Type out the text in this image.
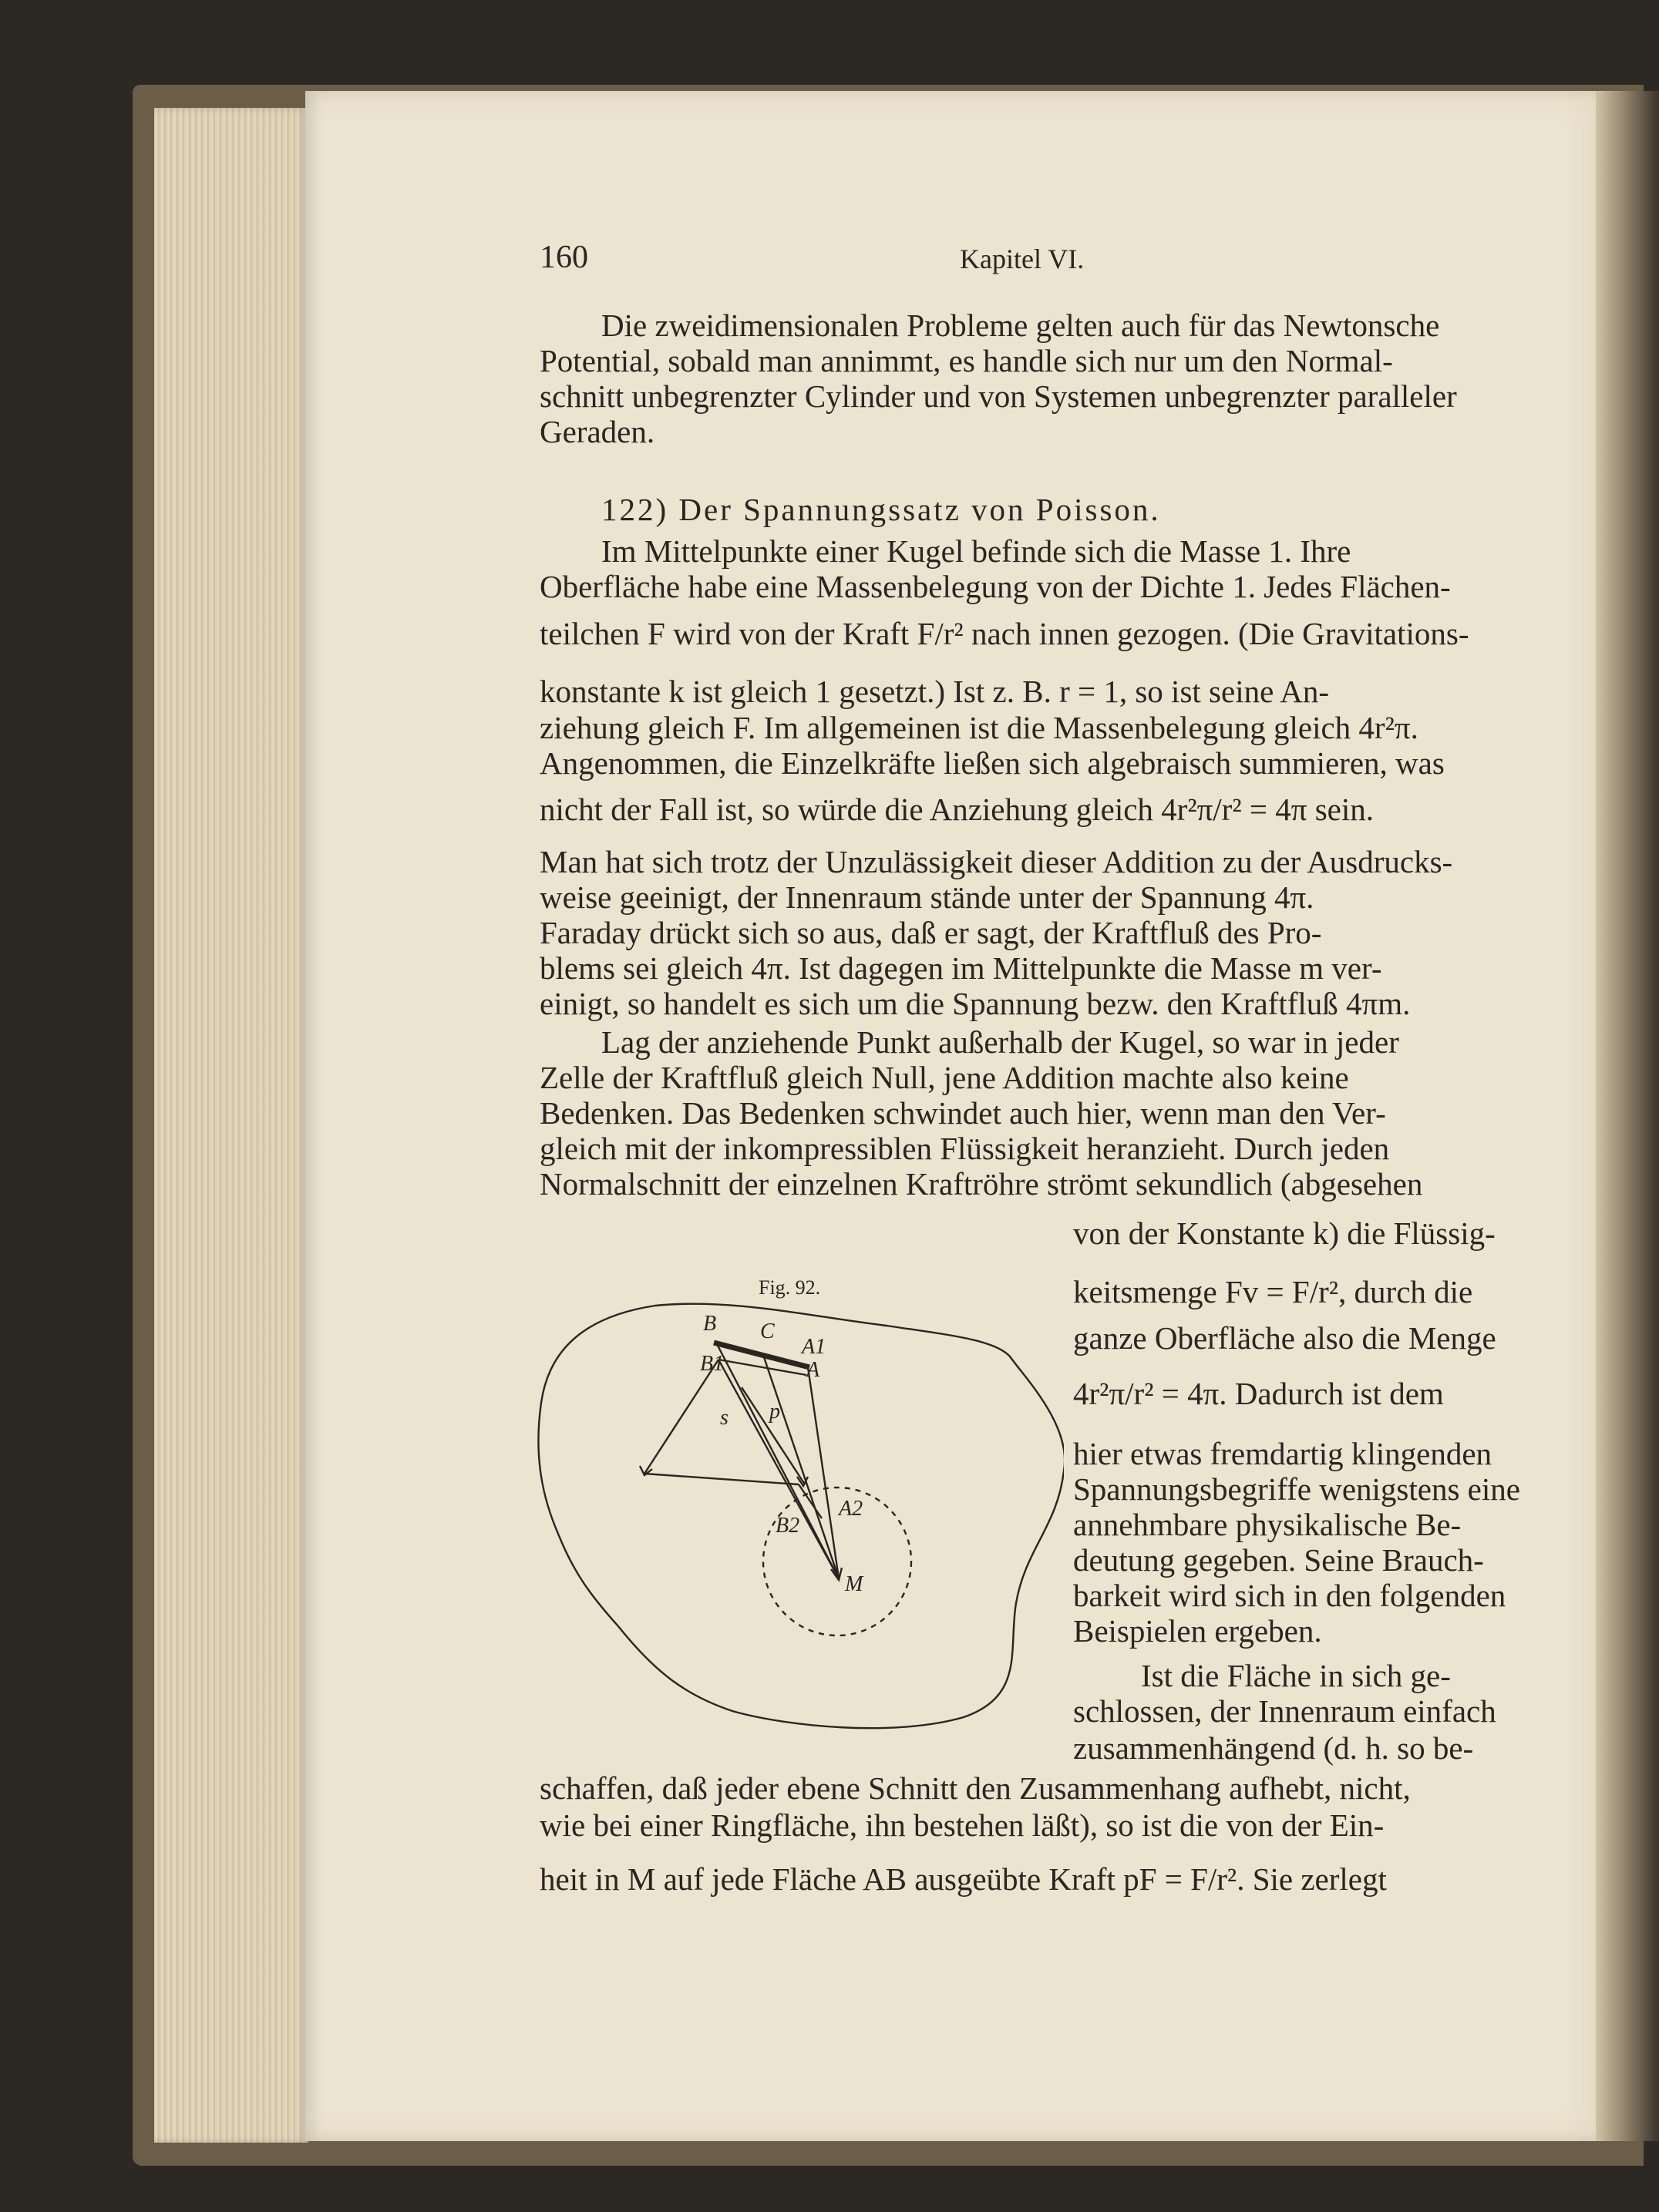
160	Kapitel VI.
Die zweidimensionalen Probleme gelten auch für das Newtonsche
Potential, sobald man annimmt, es handle sich nur um den Normal-
schnitt unbegrenzter Cylinder und von Systemen unbegrenzter paralleler
Geraden.
122) Der Spannungssatz von Poisson.
Im Mittelpunkte einer Kugel befinde sich die Masse 1. Ihre
Oberfläche habe eine Massenbelegung von der Dichte 1. Jedes Flächen-
teilchen F wird von der Kraft F/r² nach innen gezogen. (Die Gravitations-
konstante k ist gleich 1 gesetzt.) Ist z. B. r = 1, so ist seine An-
ziehung gleich F. Im allgemeinen ist die Massenbelegung gleich 4r²π.
Angenommen, die Einzelkräfte ließen sich algebraisch summieren, was
nicht der Fall ist, so würde die Anziehung gleich 4r²π/r² = 4π sein.
Man hat sich trotz der Unzulässigkeit dieser Addition zu der Ausdrucks-
weise geeinigt, der Innenraum stände unter der Spannung 4π.
Faraday drückt sich so aus, daß er sagt, der Kraftfluß des Pro-
blems sei gleich 4π. Ist dagegen im Mittelpunkte die Masse m ver-
einigt, so handelt es sich um die Spannung bezw. den Kraftfluß 4πm.
Lag der anziehende Punkt außerhalb der Kugel, so war in jeder
Zelle der Kraftfluß gleich Null, jene Addition machte also keine
Bedenken. Das Bedenken schwindet auch hier, wenn man den Ver-
gleich mit der inkompressiblen Flüssigkeit heranzieht. Durch jeden
Normalschnitt der einzelnen Kraftröhre strömt sekundlich (abgesehen
von der Konstante k) die Flüssig-
keitsmenge Fv = F/r², durch die
ganze Oberfläche also die Menge
4r²π/r² = 4π. Dadurch ist dem
hier etwas fremdartig klingenden
Spannungsbegriffe wenigstens eine
annehmbare physikalische Be-
deutung gegeben. Seine Brauch-
barkeit wird sich in den folgenden
Beispielen ergeben.
Ist die Fläche in sich ge-
schlossen, der Innenraum einfach
zusammenhängend (d. h. so be-
schaffen, daß jeder ebene Schnitt den Zusammenhang aufhebt, nicht,
wie bei einer Ringfläche, ihn bestehen läßt), so ist die von der Ein-
heit in M auf jede Fläche AB ausgeübte Kraft pF = F/r². Sie zerlegt
Fig. 92.
B C
A1
A
B1
s p
A2
B2
M
